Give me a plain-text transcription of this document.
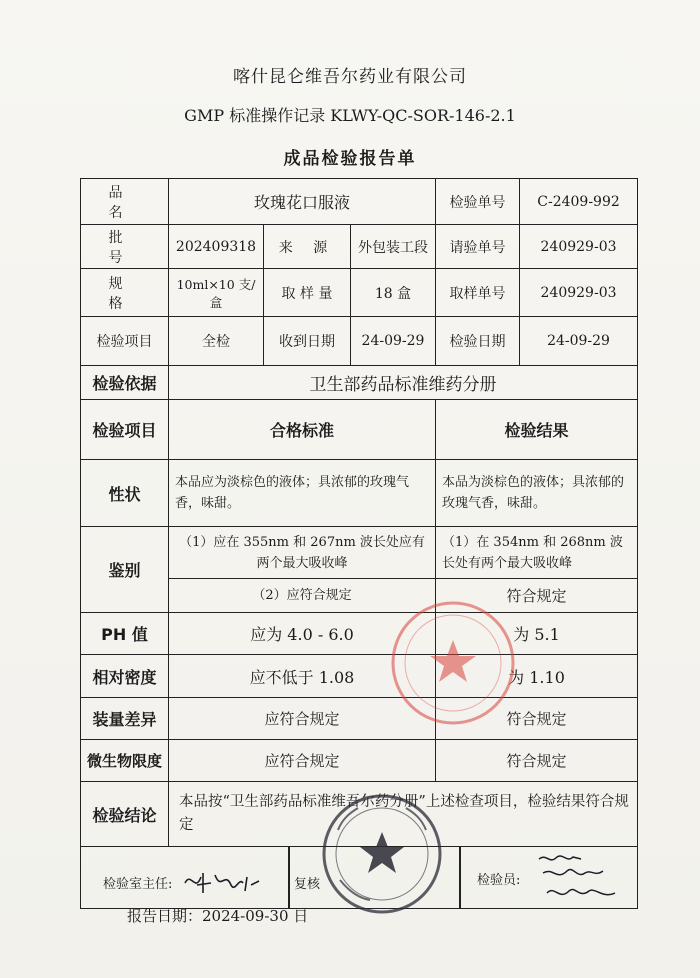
喀什昆仑维吾尔药业有限公司
GMP 标准操作记录 KLWY-QC-SOR-146-2.1
成品检验报告单
品 名	玫瑰花口服液			检验单号	C-2409-992
批 号	202409318	来 源	外包装工段	请验单号	240929-03
规 格	10ml×10 支/盒	取 样 量	18 盒	取样单号	240929-03
检验项目	全检	收到日期	24-09-29	检验日期	24-09-29
检验依据	卫生部药品标准维药分册				
检验项目	合格标准			检验结果	
性状	本品应为淡棕色的液体；具浓郁的玫瑰气香，味甜。			本品为淡棕色的液体；具浓郁的玫瑰气香，味甜。	
鉴别	（1）应在 355nm 和 267nm 波长处应有两个最大吸收峰			（1）在 354nm 和 268nm 波长处有两个最大吸收峰	
	（2）应符合规定			符合规定	
PH 值	应为 4.0 - 6.0			为 5.1	
相对密度	应不低于 1.08			为 1.10	
装量差异	应符合规定			符合规定	
微生物限度	应符合规定			符合规定	
检验结论	本品按“卫生部药品标准维吾尔药分册”上述检查项目，检验结果符合规定				

检验室主任: 复核 检验员:					
报告日期：2024-09-30 日
